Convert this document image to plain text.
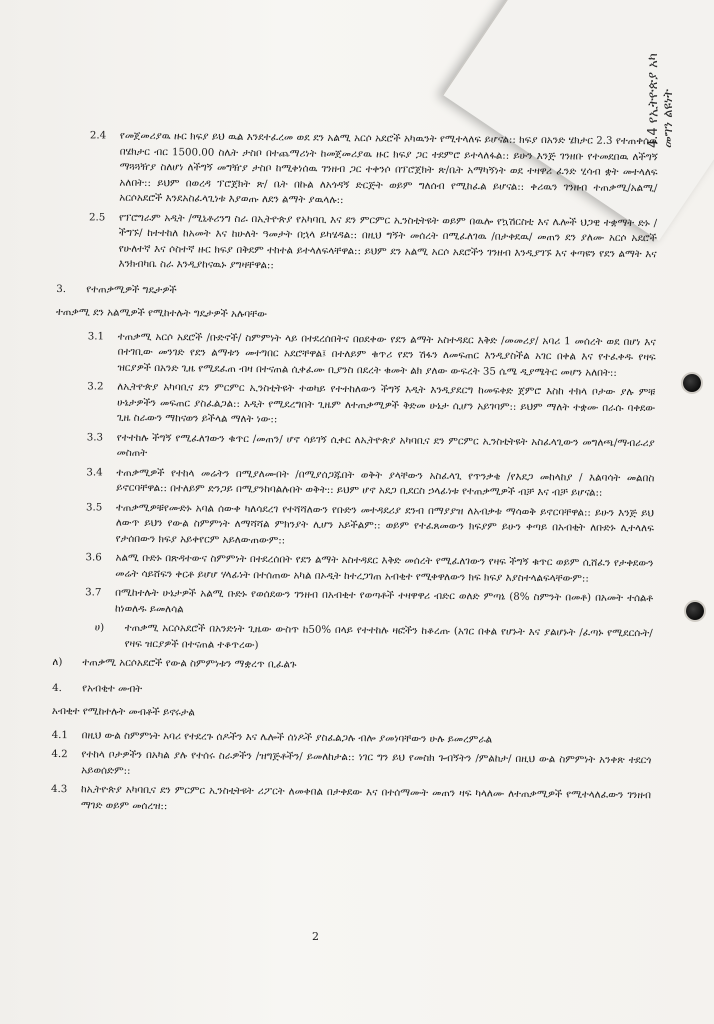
4.4 የኢትዮጵያ አካ መግን ልዩነት
2.4	የመጀመሪያዉ ዙር ክፍያ ይህ ዉል እንደተፈረመ ወደ ደን አልሚ አርሶ አደሮች አካዉንት የሚተላለፍ ይሆናል:: ክፍያ በአንድ ሄክታር 2.3 የተጠቀሰዉ በሄክታር ብር 1500.00 ስሌት ታስቦ በተጨማሪነት ከመጀመሪያዉ ዙር ክፍያ ጋር ተደምሮ ይተላለፋል:: ይሁን እንጅ ገንዘቡ የተመደበዉ ለችግኝ ማጓጓዥያ ስለሆነ ለችግኝ መግዥያ ታስቦ ከሚቀነሰዉ ገንዘብ ጋር ተቀንሶ በፕሮጀክት ጽ/ቤት አማካኝነት ወደ ተዛዋሪ ፈንድ ሂሳብ ቋት መተላለፍ አለበት:: ይህም በወረዳ ፕሮጀክት ጽ/ ቤት በኩል ለአጎዳኝ ድርጅት ወይም ግለሰብ የሚከፈል ይሆናል:: ቀሪዉን ገንዘብ ተጠቃሚ/አልሚ/ አርሶአደሮች እንደአስፈላጊነቱ እያወጡ ለደን ልማት ያዉላሉ::
2.5	የፕሮግራም አዲት /ሚኒቶሪንግ ስራ በኢትዮጵያ የአካባቢ እና ደን ምርምር ኢንስቲትዩት ወይም በዉሎ የኳሽርስቲ እና ሌሎች ህጋዊ ተቋማት ድኑ /ችግኙ/ ከተተከለ ከአመት እና ከሁለት ዓመታት በኋላ ይካሄዳል:: በዚህ ግኝት መሰረት በሚፈለገዉ /በታቀደዉ/ መጠን ደን ያለሙ አርሶ አደሮች የሁለተኛ እና ሶስተኛ ዙር ክፍያ በቅደም ተከተል ይተላለፍላቸዋል:: ይህም ደን አልሚ አርሶ አደሮችን ገንዘብ እንዲያገኙ እና ቀጣዩን የደን ልማት እና እንክብካቤ ስራ እንዲያከናዉኑ ያግዛቸዋል::
3.	የተጠቃሚዎች ግዴታዎች
ተጠቃሚ ደን አልሚዎች የሚከተሉት ግዴታዎች አሉባቸው
3.1	ተጠቃሚ አርሶ አደሮች /ቡድኖች/ ስምምነት ላይ በተደረሰበትና በዐደቀው የደን ልማት አስተዳደር እቅድ /መመሪያ/ አባሪ 1 መሰረት ወደ በሆነ እና በተገቢው መንገድ የደን ልማቱን መተግበር አደሮቸዋል፤ በተለይም ቁጥሪ የደን ሽፋን ለመፍጠር እንዲያስችል አገር በቀል እና የተፈቀዱ የዛፍ ዝርያዎች በአንድ ጊዜ የሚደፈጠ ብዛ በተናጠል ሲቀፈሙ ቢያንስ በደረት ቁመት ልክ ያለው ውፍረት 35 ሴሜ ዲያሜትር መሆን አለበት::
3.2	ለኢትዮጵያ አካባቢና ደን ምርምር ኢንስቲትዩት ተወካይ የተተከለውን ችግኝ እዲት እንዲያደርግ ከመፍቀድ ጀምሮ እስከ ተክላ ቦታው ያሉ ምቹ ሁኔታዎችን መፍጠር ያስፈልጋል:: እዲት የሚደረግበት ጊዜም ለተጠቃሚዎች ቅድመ ሁኔታ ሲሆን አይገባም:: ይህም ማለት ተቋሙ በራሱ ባቀደው ጊዜ ስራውን ማከናወን ይችላል ማለት ነው::
3.3	የተተከሉ ችግኝ የሚፈለገውን ቁጥር /መጠን/ ሆኖ ሳይገኝ ሲቀር ለኢትዮጵያ አካባቢና ደን ምርምር ኢንስቲትዩት አስፈላጊውን መግለጫ/ማብራሪያ መስጠት
3.4	ተጠቃሚዎች የተከላ መሬትን በሚያለሙበት /በሚያሰጋጁበት ወቅት ያላቸውን አስፈላጊ የጥንቃቄ /የእደጋ መከላከያ / እልባሳት መልበስ ይኖርባቸዋል:: በተለይም ድንጋይ በሚያንከባልሉበት ወቅት:: ይህም ሆኖ አደጋ ቢደርስ ኃላፊነቱ የተጠቃሚዎች ብቻ እና ብቻ ይሆናል::
3.5	ተጠቃሚዎቹየሙድኑ አባል ሰውቀ ካለሳደረገ የተሻሻለውን የቡድን መተዳደሪያ ደንብ በማያያዝ ለአብቃቱ ማሳወቅ ይኖርባቸዋል:: ይሁን እንጅ ይህ ለውጥ ይህን የውል ስምምነት ለማሻሻል ምክንያት ሊሆን አይችልም:: ወይም የተፈጸመውን ክፍያም ይሁን ቀጣይ በአብቂት ለቡድኑ ሊተላለፍ የታሰበውን ክፍያ አይቀየርም አይለውጠውም::
3.6	አልሚ ቡድኑ በጽዳተውና ስምምነት በተደረሰበት የደን ልማት አስተዳደር እቅድ መሰረት የሚፈለገውን የዛፍ ችግኝ ቁጥር ወይም ሲሸፈን የታቀደውን መሬት ሳይሸፍን ቀርቶ ይሆሆ ሃላፊነት በተሰጠው አካል በኦዲት ከተረጋገጠ አብቂተ የሚቀዋለውን ክፍ ክፍያ እያስተላልፍላቸውም::
3.7	በሚከተሉት ሁኔታዎች አልሚ ቡድኑ የወሰደውን ገንዘብ በአብቂተ የወጣቶች ተዛዋዋሪ ብድር ወለድ ምጣኔ (8% ስምንት በመቶ) በአመት ተሰልቶ ከነወለዱ ይመለሳል
ሀ)	ተጠቃሚ አርሶአደሮች በአንድነት ጊዜው ውስጥ ከ50% በላይ የተተከሉ ዛፎችን ከቆረጡ (አገር በቀል የሆኑት እና ያልሆኑት /ፈጣኑ የሚደርሱት/ የዛፍ ዝርያዎች በተናጠል ተቆጥረው)
ለ)	ተጠቃሚ አርሶአደሮች የውል ስምምነቱን ማቋረጥ ቢፈልጉ
4.	የአብቂተ መብት
አብቂተ የሚከተሉት መብቶች ይኖሩታል
4.1	በዚህ ውል ስምምነት አባሪ የተደረጉ ሰዶችን እና ሌሎች ሰነዶች ያስፈልጋሉ ብሎ ያመነባቸውን ሁሉ ይመረምራል
4.2	የተከላ ቦታዎችን በአካል ያሉ የተሰሩ ስራዎችን /ዝግጅቶችን/ ይመለከታል:: ነገር ግን ይህ የመስክ ጉብኝትን /ምልከታ/ በዚህ ውል ስምምነት አንቀጽ ተደርጎ አይወሰድም::
4.3	ከኢትዮጵያ አካባቢና ደን ምርምር ኢንስቲትዩት ሪፖርት ለመቀበል በታቀደው እና በተሰማሙት መጠን ዛፍ ካላለሙ ለተጠቃሚዎች የሚተላለፈውን ገንዘብ ማገድ ወይም መሰረዝ::
2
